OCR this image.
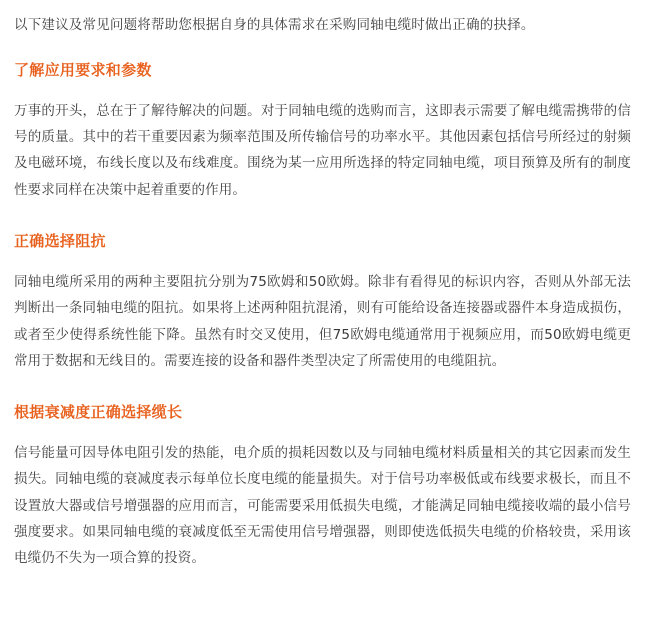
以下建议及常见问题将帮助您根据自身的具体需求在采购同轴电缆时做出正确的抉择。

了解应用要求和参数

万事的开头，总在于了解待解决的问题。对于同轴电缆的选购而言，这即表示需要了解电缆需携带的信号的质量。其中的若干重要因素为频率范围及所传输信号的功率水平。其他因素包括信号所经过的射频及电磁环境，布线长度以及布线难度。围绕为某一应用所选择的特定同轴电缆，项目预算及所有的制度性要求同样在决策中起着重要的作用。

正确选择阻抗

同轴电缆所采用的两种主要阻抗分别为75欧姆和50欧姆。除非有看得见的标识内容，否则从外部无法判断出一条同轴电缆的阻抗。如果将上述两种阻抗混淆，则有可能给设备连接器或器件本身造成损伤，或者至少使得系统性能下降。虽然有时交叉使用，但75欧姆电缆通常用于视频应用，而50欧姆电缆更常用于数据和无线目的。需要连接的设备和器件类型决定了所需使用的电缆阻抗。

根据衰减度正确选择缆长

信号能量可因导体电阻引发的热能，电介质的损耗因数以及与同轴电缆材料质量相关的其它因素而发生损失。同轴电缆的衰减度表示每单位长度电缆的能量损失。对于信号功率极低或布线要求极长，而且不设置放大器或信号增强器的应用而言，可能需要采用低损失电缆，才能满足同轴电缆接收端的最小信号强度要求。如果同轴电缆的衰减度低至无需使用信号增强器，则即使选低损失电缆的价格较贵，采用该电缆仍不失为一项合算的投资。
